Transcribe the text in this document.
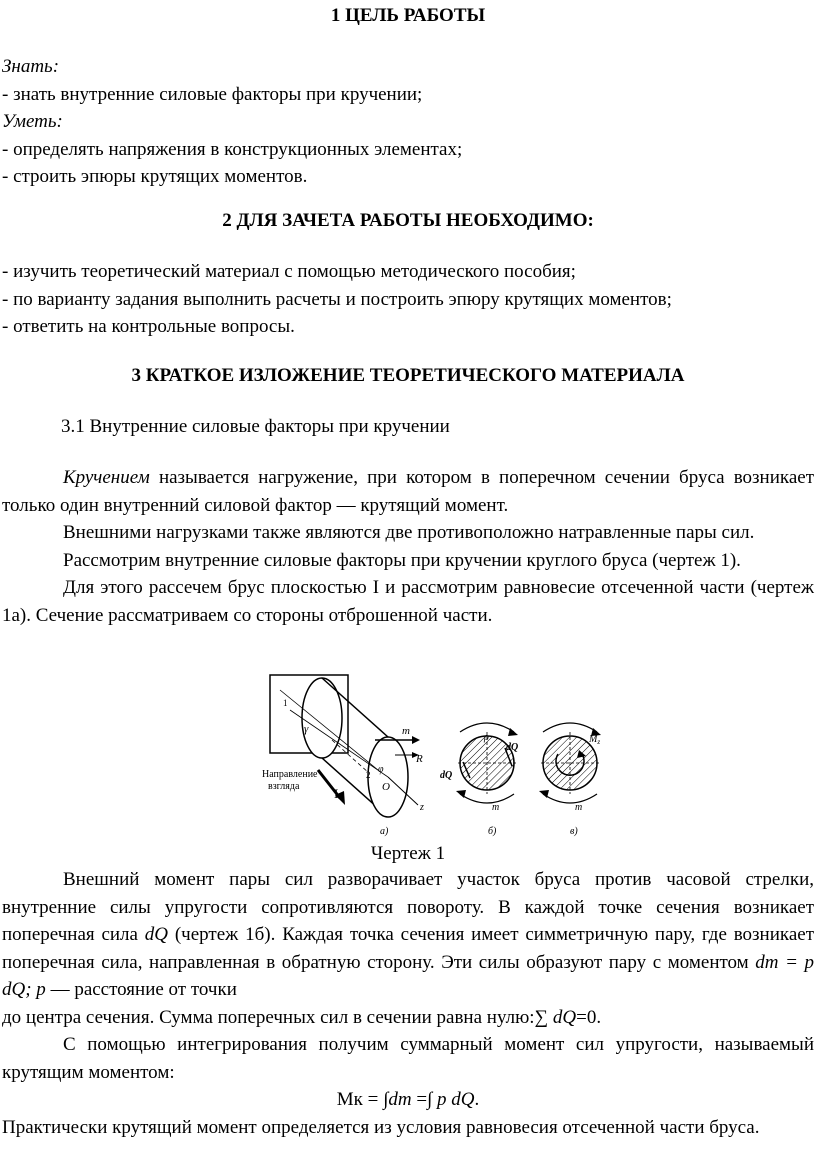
1 ЦЕЛЬ РАБОТЫ

Знать:

- знать внутренние силовые факторы при кручении;

Уметь:

- определять напряжения в конструкционных элементах;

- строить эпюры крутящих моментов.

2 ДЛЯ ЗАЧЕТА РАБОТЫ НЕОБХОДИМО:

- изучить теоретический материал с помощью методического пособия;

- по варианту задания выполнить расчеты и построить эпюру крутящих моментов;

- ответить на контрольные вопросы.

3 КРАТКОЕ ИЗЛОЖЕНИЕ ТЕОРЕТИЧЕСКОГО МАТЕРИАЛА

3.1 Внутренние силовые факторы при кручении

Кручением называется нагружение, при котором в поперечном сечении бруса возникает только один внутренний силовой фактор — крутящий момент.

Внешними нагрузками также являются две противоположно натравленные пары сил.

Рассмотрим внутренние силовые факторы при кручении круглого бруса (чертеж 1).

Для этого рассечем брус плоскостью I и рассмотрим равновесие отсеченной части (чертеж 1а). Сечение рассматриваем со стороны отброшенной части.

Направление
взгляда	I
m
R
O
z
γ
φ
1
2
а)
ρ
dQ
dQ
m
б)
$M_z$
m
в)
Чертеж 1

Внешний момент пары сил разворачивает участок бруса против часовой стрелки, внутренние силы упругости сопротивляются повороту. В каждой точке сечения возникает поперечная сила dQ (чертеж 1б). Каждая точка сечения имеет симметричную пару, где возникает поперечная сила, направленная в обратную сторону. Эти силы образуют пару с моментом dm = p dQ; p — расстояние от точки

до центра сечения. Сумма поперечных сил в сечении равна нулю:∑ dQ=0.

С помощью интегрирования получим суммарный момент сил упругости, называемый крутящим моментом:

Мк = ∫dm =∫ p dQ.

Практически крутящий момент определяется из условия равновесия отсеченной части бруса.
